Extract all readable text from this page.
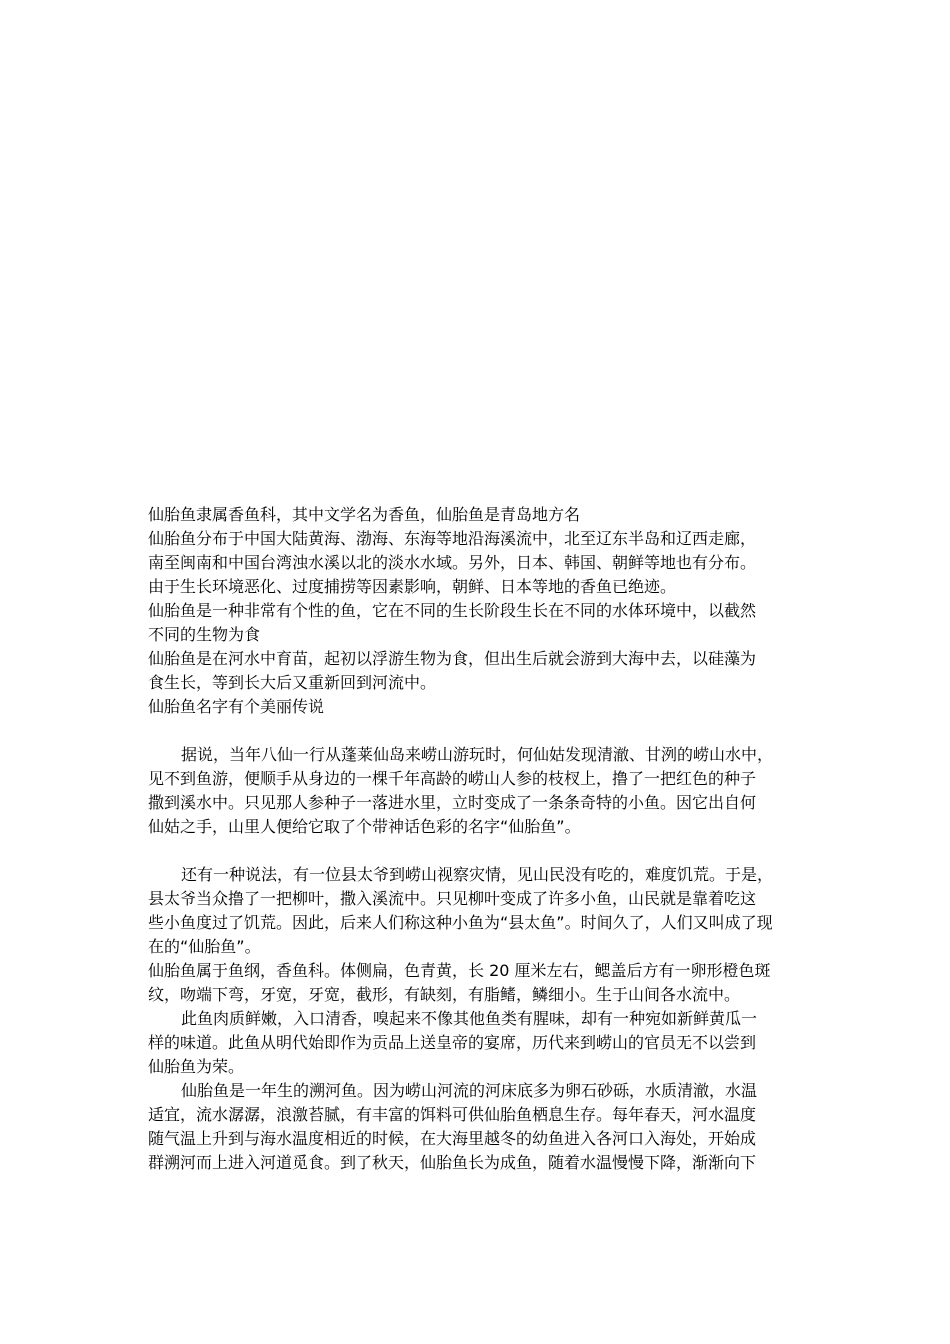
仙胎鱼隶属香鱼科，其中文学名为香鱼，仙胎鱼是青岛地方名
仙胎鱼分布于中国大陆黄海、渤海、东海等地沿海溪流中，北至辽东半岛和辽西走廊，
南至闽南和中国台湾浊水溪以北的淡水水域。另外，日本、韩国、朝鲜等地也有分布。
由于生长环境恶化、过度捕捞等因素影响，朝鲜、日本等地的香鱼已绝迹。
仙胎鱼是一种非常有个性的鱼，它在不同的生长阶段生长在不同的水体环境中，以截然
不同的生物为食
仙胎鱼是在河水中育苗，起初以浮游生物为食，但出生后就会游到大海中去，以硅藻为
食生长，等到长大后又重新回到河流中。
仙胎鱼名字有个美丽传说
据说，当年八仙一行从蓬莱仙岛来崂山游玩时，何仙姑发现清澈、甘洌的崂山水中，
见不到鱼游，便顺手从身边的一棵千年高龄的崂山人参的枝杈上，撸了一把红色的种子
撒到溪水中。只见那人参种子一落进水里，立时变成了一条条奇特的小鱼。因它出自何
仙姑之手，山里人便给它取了个带神话色彩的名字“仙胎鱼”。
还有一种说法，有一位县太爷到崂山视察灾情，见山民没有吃的，难度饥荒。于是，
县太爷当众撸了一把柳叶，撒入溪流中。只见柳叶变成了许多小鱼，山民就是靠着吃这
些小鱼度过了饥荒。因此，后来人们称这种小鱼为“县太鱼”。时间久了，人们又叫成了现
在的“仙胎鱼”。
仙胎鱼属于鱼纲，香鱼科。体侧扁，色青黄，长 20 厘米左右，鳃盖后方有一卵形橙色斑
纹，吻端下弯，牙宽，牙宽，截形，有缺刻，有脂鳍，鳞细小。生于山间各水流中。
此鱼肉质鲜嫩，入口清香，嗅起来不像其他鱼类有腥味，却有一种宛如新鲜黄瓜一
样的味道。此鱼从明代始即作为贡品上送皇帝的宴席，历代来到崂山的官员无不以尝到
仙胎鱼为荣。
仙胎鱼是一年生的溯河鱼。因为崂山河流的河床底多为卵石砂砾，水质清澈，水温
适宜，流水潺潺，浪激苔腻，有丰富的饵料可供仙胎鱼栖息生存。每年春天，河水温度
随气温上升到与海水温度相近的时候，在大海里越冬的幼鱼进入各河口入海处，开始成
群溯河而上进入河道觅食。到了秋天，仙胎鱼长为成鱼，随着水温慢慢下降，渐渐向下
